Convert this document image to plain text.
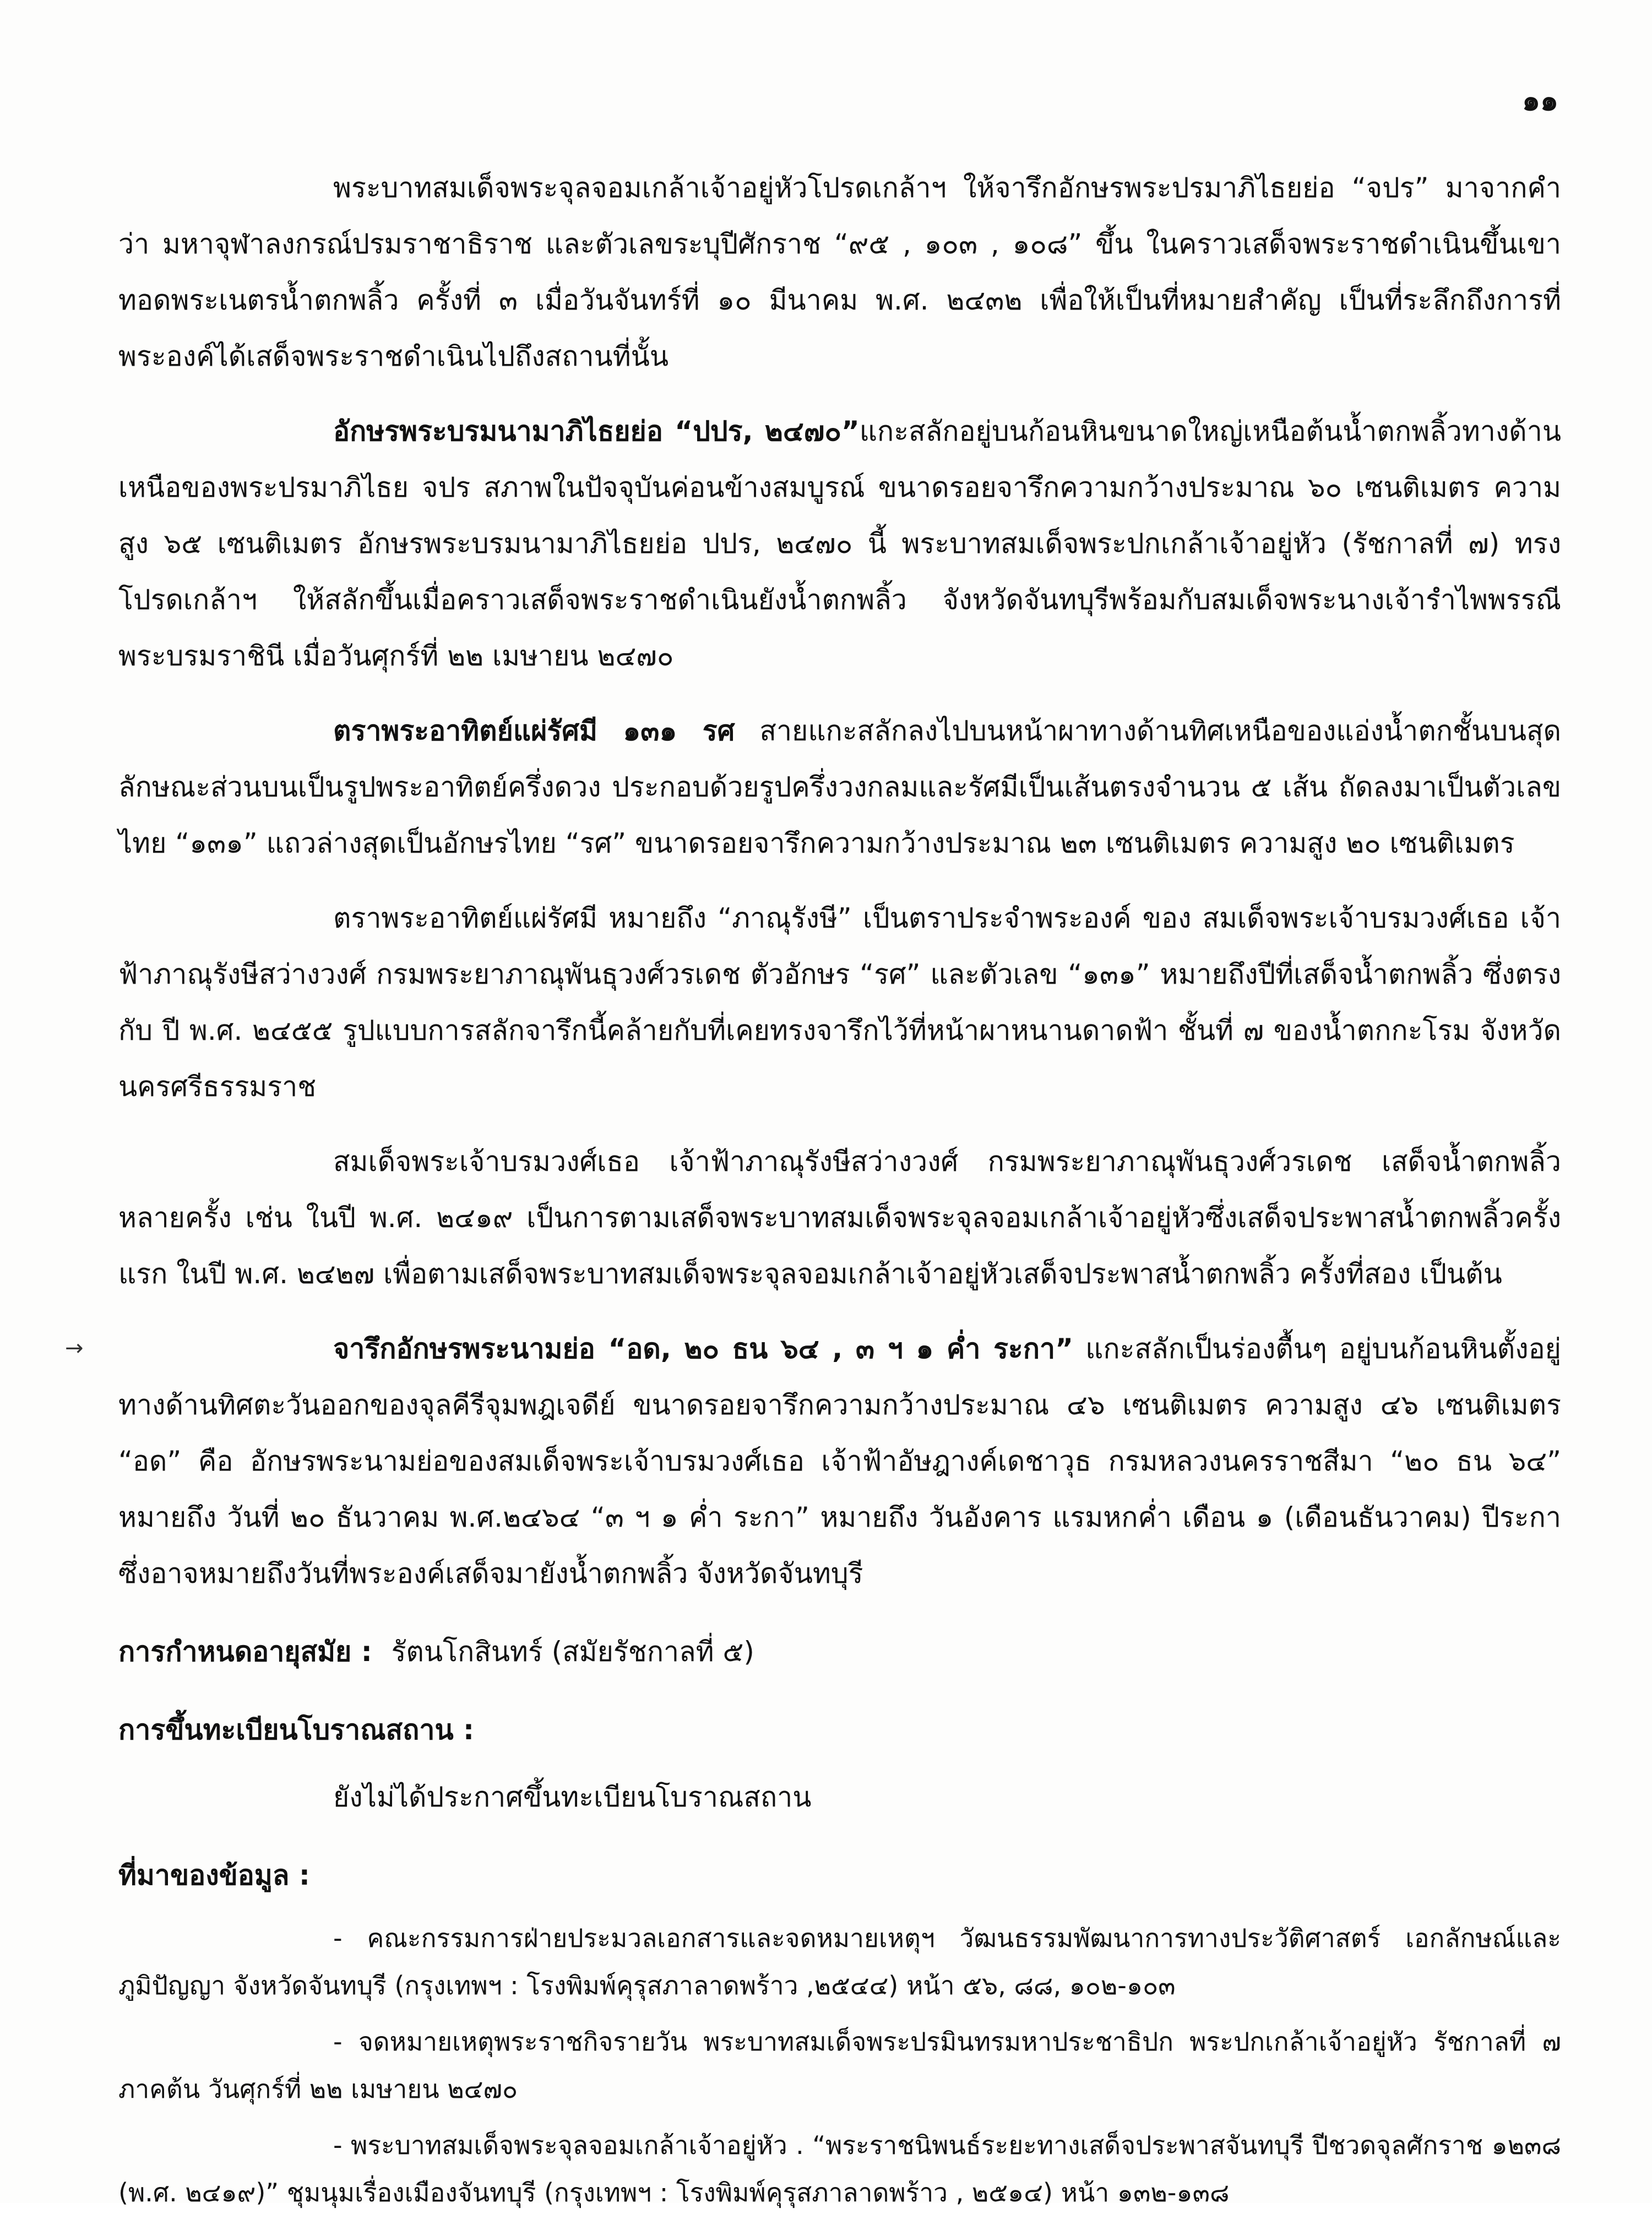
๑๑
→

พระบาทสมเด็จพระจุลจอมเกล้าเจ้าอยู่หัวโปรดเกล้าฯ ให้จารึกอักษรพระปรมาภิไธยย่อ “จปร” มาจากคำว่า มหาจุฬาลงกรณ์ปรมราชาธิราช และตัวเลขระบุปีศักราช “๙๕ , ๑๐๓ , ๑๐๘” ขึ้น ในคราวเสด็จพระราชดำเนินขึ้นเขาทอดพระเนตรน้ำตกพลิ้ว ครั้งที่ ๓ เมื่อวันจันทร์ที่ ๑๐ มีนาคม พ.ศ. ๒๔๓๒ เพื่อให้เป็นที่หมายสำคัญ เป็นที่ระลึกถึงการที่พระองค์ได้เสด็จพระราชดำเนินไปถึงสถานที่นั้น

อักษรพระบรมนามาภิไธยย่อ “ปปร, ๒๔๗๐”แกะสลักอยู่บนก้อนหินขนาดใหญ่เหนือต้นน้ำตกพลิ้วทางด้านเหนือของพระปรมาภิไธย จปร สภาพในปัจจุบันค่อนข้างสมบูรณ์ ขนาดรอยจารึกความกว้างประมาณ ๖๐ เซนติเมตร ความสูง ๖๕ เซนติเมตร อักษรพระบรมนามาภิไธยย่อ ปปร, ๒๔๗๐ นี้ พระบาทสมเด็จพระปกเกล้าเจ้าอยู่หัว (รัชกาลที่ ๗) ทรงโปรดเกล้าฯ ให้สลักขึ้นเมื่อคราวเสด็จพระราชดำเนินยังน้ำตกพลิ้ว จังหวัดจันทบุรีพร้อมกับสมเด็จพระนางเจ้ารำไพพรรณี พระบรมราชินี เมื่อวันศุกร์ที่ ๒๒ เมษายน ๒๔๗๐

ตราพระอาทิตย์แผ่รัศมี ๑๓๑ รศ สายแกะสลักลงไปบนหน้าผาทางด้านทิศเหนือของแอ่งน้ำตกชั้นบนสุด ลักษณะส่วนบนเป็นรูปพระอาทิตย์ครึ่งดวง ประกอบด้วยรูปครึ่งวงกลมและรัศมีเป็นเส้นตรงจำนวน ๕ เส้น ถัดลงมาเป็นตัวเลขไทย “๑๓๑” แถวล่างสุดเป็นอักษรไทย “รศ” ขนาดรอยจารึกความกว้างประมาณ ๒๓ เซนติเมตร ความสูง ๒๐ เซนติเมตร

ตราพระอาทิตย์แผ่รัศมี หมายถึง “ภาณุรังษี” เป็นตราประจำพระองค์ ของ สมเด็จพระเจ้าบรมวงศ์เธอ เจ้าฟ้าภาณุรังษีสว่างวงศ์ กรมพระยาภาณุพันธุวงศ์วรเดช ตัวอักษร “รศ” และตัวเลข “๑๓๑” หมายถึงปีที่เสด็จน้ำตกพลิ้ว ซึ่งตรงกับ ปี พ.ศ. ๒๔๕๕ รูปแบบการสลักจารึกนี้คล้ายกับที่เคยทรงจารึกไว้ที่หน้าผาหนานดาดฟ้า ชั้นที่ ๗ ของน้ำตกกะโรม จังหวัดนครศรีธรรมราช

สมเด็จพระเจ้าบรมวงศ์เธอ เจ้าฟ้าภาณุรังษีสว่างวงศ์ กรมพระยาภาณุพันธุวงศ์วรเดช เสด็จน้ำตกพลิ้วหลายครั้ง เช่น ในปี พ.ศ. ๒๔๑๙ เป็นการตามเสด็จพระบาทสมเด็จพระจุลจอมเกล้าเจ้าอยู่หัวซึ่งเสด็จประพาสน้ำตกพลิ้วครั้งแรก ในปี พ.ศ. ๒๔๒๗ เพื่อตามเสด็จพระบาทสมเด็จพระจุลจอมเกล้าเจ้าอยู่หัวเสด็จประพาสน้ำตกพลิ้ว ครั้งที่สอง เป็นต้น

จารึกอักษรพระนามย่อ “อด, ๒๐ ธน ๖๔ , ๓ ฯ ๑ ค่ำ ระกา” แกะสลักเป็นร่องตื้นๆ อยู่บนก้อนหินตั้งอยู่ทางด้านทิศตะวันออกของจุลคีรีจุมพฎเจดีย์ ขนาดรอยจารึกความกว้างประมาณ ๔๖ เซนติเมตร ความสูง ๔๖ เซนติเมตร “อด” คือ อักษรพระนามย่อของสมเด็จพระเจ้าบรมวงศ์เธอ เจ้าฟ้าอัษฎางค์เดชาวุธ กรมหลวงนครราชสีมา “๒๐ ธน ๖๔” หมายถึง วันที่ ๒๐ ธันวาคม พ.ศ.๒๔๖๔ “๓ ฯ ๑ ค่ำ ระกา” หมายถึง วันอังคาร แรมหกค่ำ เดือน ๑ (เดือนธันวาคม) ปีระกา ซึ่งอาจหมายถึงวันที่พระองค์เสด็จมายังน้ำตกพลิ้ว จังหวัดจันทบุรี

การกำหนดอายุสมัย : รัตนโกสินทร์ (สมัยรัชกาลที่ ๕)
การขึ้นทะเบียนโบราณสถาน :
ยังไม่ได้ประกาศขึ้นทะเบียนโบราณสถาน
ที่มาของข้อมูล :

- คณะกรรมการฝ่ายประมวลเอกสารและจดหมายเหตุฯ วัฒนธรรมพัฒนาการทางประวัติศาสตร์ เอกลักษณ์และภูมิปัญญา จังหวัดจันทบุรี (กรุงเทพฯ : โรงพิมพ์คุรุสภาลาดพร้าว ,๒๕๔๔) หน้า ๕๖, ๘๘, ๑๐๒-๑๐๓

- จดหมายเหตุพระราชกิจรายวัน พระบาทสมเด็จพระปรมินทรมหาประชาธิปก พระปกเกล้าเจ้าอยู่หัว รัชกาลที่ ๗ ภาคต้น วันศุกร์ที่ ๒๒ เมษายน ๒๔๗๐

- พระบาทสมเด็จพระจุลจอมเกล้าเจ้าอยู่หัว . “พระราชนิพนธ์ระยะทางเสด็จประพาสจันทบุรี ปีชวดจุลศักราช ๑๒๓๘ (พ.ศ. ๒๔๑๙)” ชุมนุมเรื่องเมืองจันทบุรี (กรุงเทพฯ : โรงพิมพ์คุรุสภาลาดพร้าว , ๒๕๑๔) หน้า ๑๓๒-๑๓๘
